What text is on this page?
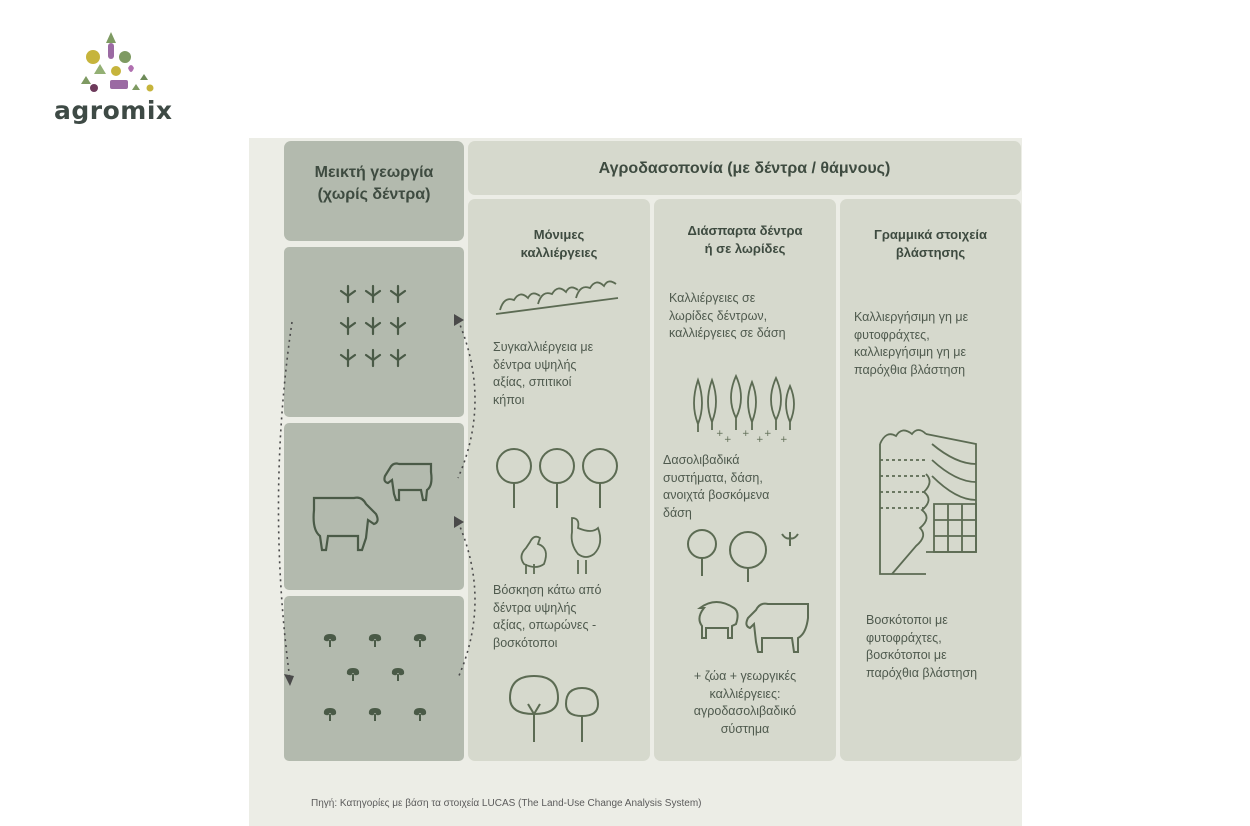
agromix
Μεικτή γεωργία
(χωρίς δέντρα)
Αγροδασοπονία (με δέντρα / θάμνους)
Μόνιμες
καλλιέργειες
Συγκαλλιέργεια με
δέντρα υψηλής
αξίας, σπιτικοί
κήποι
Βόσκηση κάτω από
δέντρα υψηλής
αξίας, οπωρώνες -
βοσκότοποι
Διάσπαρτα δέντρα
ή σε λωρίδες
Καλλιέργειες σε
λωρίδες δέντρων,
καλλιέργειες σε δάση
Δασολιβαδικά
συστήματα, δάση,
ανοιχτά βοσκόμενα
δάση
+ ζώα + γεωργικές
καλλιέργειες:
αγροδασολιβαδικό
σύστημα
Γραμμικά στοιχεία
βλάστησης
Καλλιεργήσιμη γη με
φυτοφράχτες,
καλλιεργήσιμη γη με
παρόχθια βλάστηση
Βοσκότοποι με
φυτοφράχτες,
βοσκότοποι με
παρόχθια βλάστηση
+
+
+
+
+
+
Πηγή: Κατηγορίες με βάση τα στοιχεία LUCAS (The Land-Use Change Analysis System)
